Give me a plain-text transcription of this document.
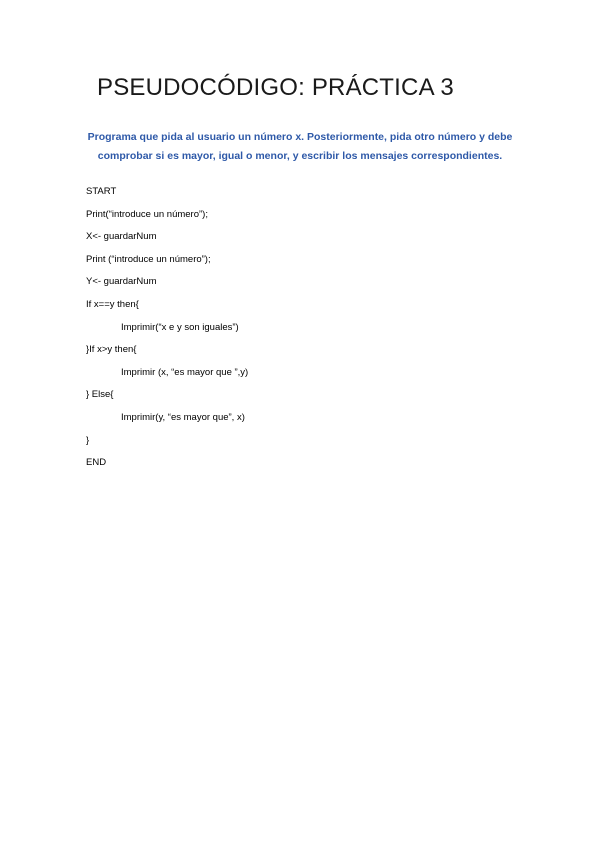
PSEUDOCÓDIGO: PRÁCTICA 3

Programa que pida al usuario un número x. Posteriormente, pida otro número y debe comprobar si es mayor, igual o menor, y escribir los mensajes correspondientes.

START
Print(“introduce un número”);
X<- guardarNum
Print (“introduce un número”);
Y<- guardarNum
If x==y then{
Imprimir(“x e y son iguales”)
}If x>y then{
Imprimir (x, “es mayor que ”,y)
} Else{
Imprimir(y, “es mayor que”, x)
}
END
